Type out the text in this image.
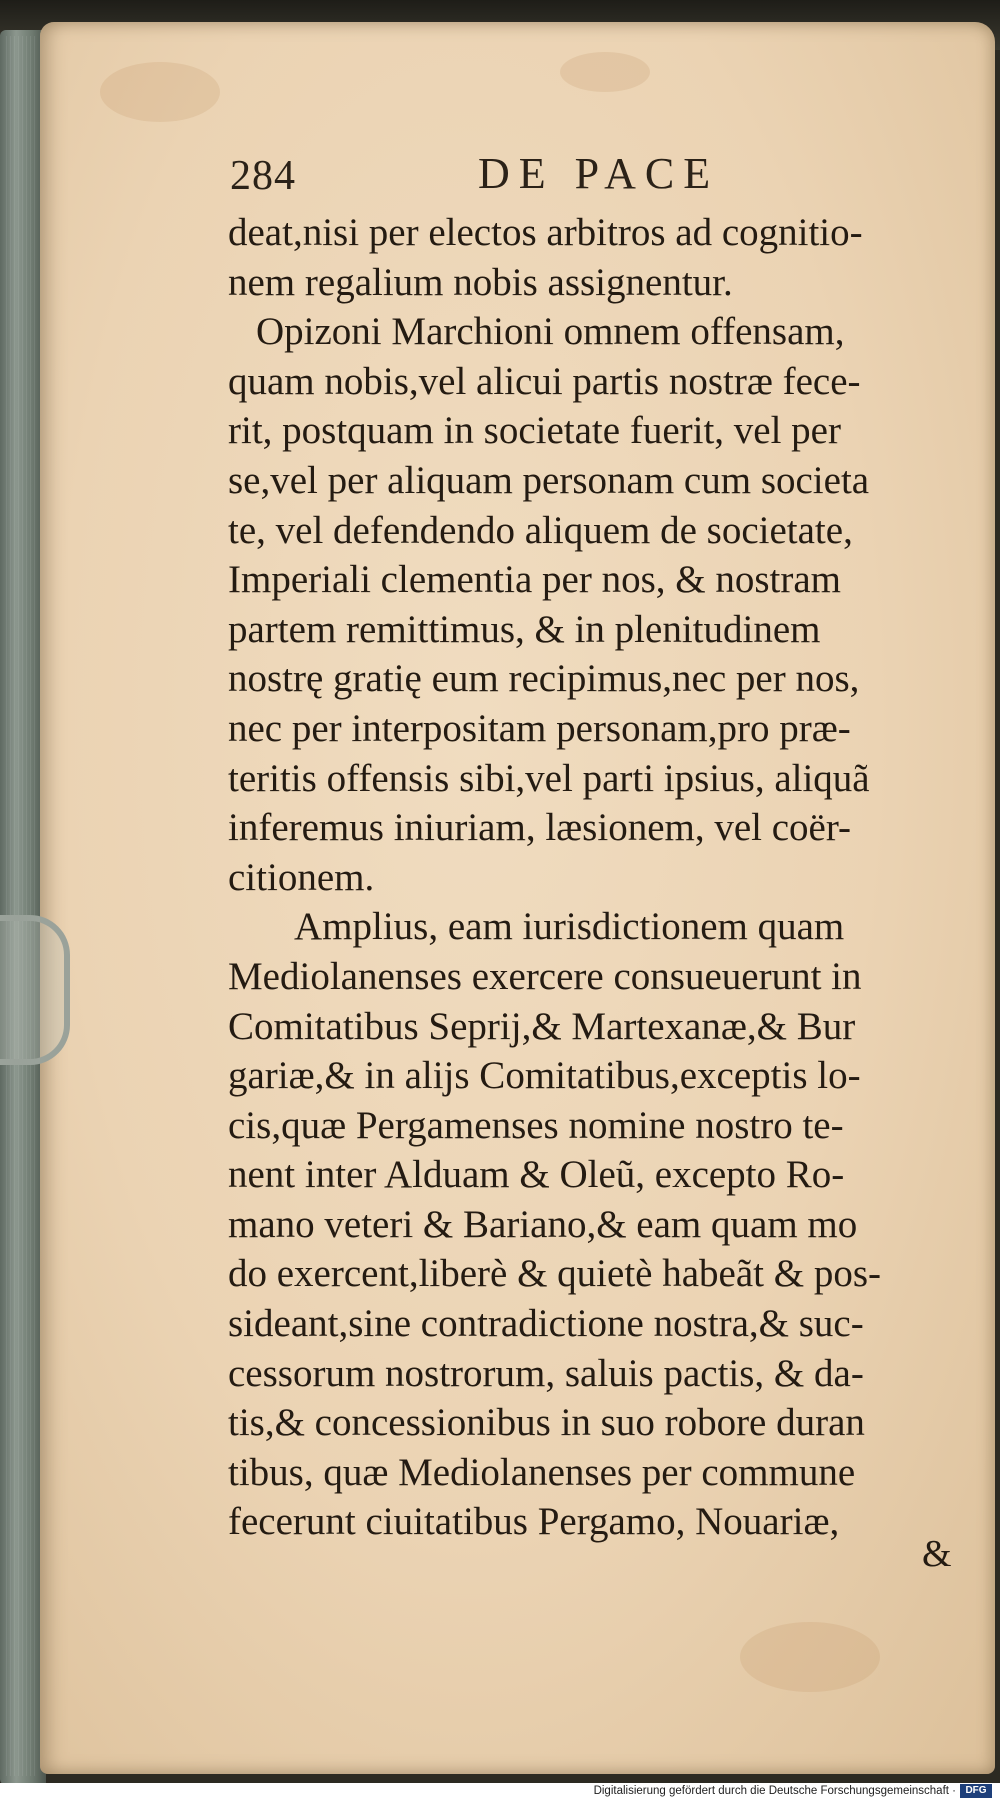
284	DE PACE
deat,nisi per electos arbitros ad cognitio-
nem regalium nobis assignentur.
Opizoni Marchioni omnem offensam,
quam nobis,vel alicui partis nostræ fece-
rit, postquam in societate fuerit, vel per
se,vel per aliquam personam cum societa
te, vel defendendo aliquem de societate,
Imperiali clementia per nos, & nostram
partem remittimus, & in plenitudinem
nostrę gratię eum recipimus,nec per nos,
nec per interpositam personam,pro præ-
teritis offensis sibi,vel parti ipsius, aliquã
inferemus iniuriam, læsionem, vel coër-
citionem.
Amplius, eam iurisdictionem quam
Mediolanenses exercere consueuerunt in
Comitatibus Seprij,& Martexanæ,& Bur
gariæ,& in alijs Comitatibus,exceptis lo-
cis,quæ Pergamenses nomine nostro te-
nent inter Alduam & Oleũ, excepto Ro-
mano veteri & Bariano,& eam quam mo
do exercent,liberè & quietè habeãt & pos-
sideant,sine contradictione nostra,& suc-
cessorum nostrorum, saluis pactis, & da-
tis,& concessionibus in suo robore duran
tibus, quæ Mediolanenses per commune
fecerunt ciuitatibus Pergamo, Nouariæ,
&
Digitalisierung gefördert durch die Deutsche Forschungsgemeinschaft · DFG
